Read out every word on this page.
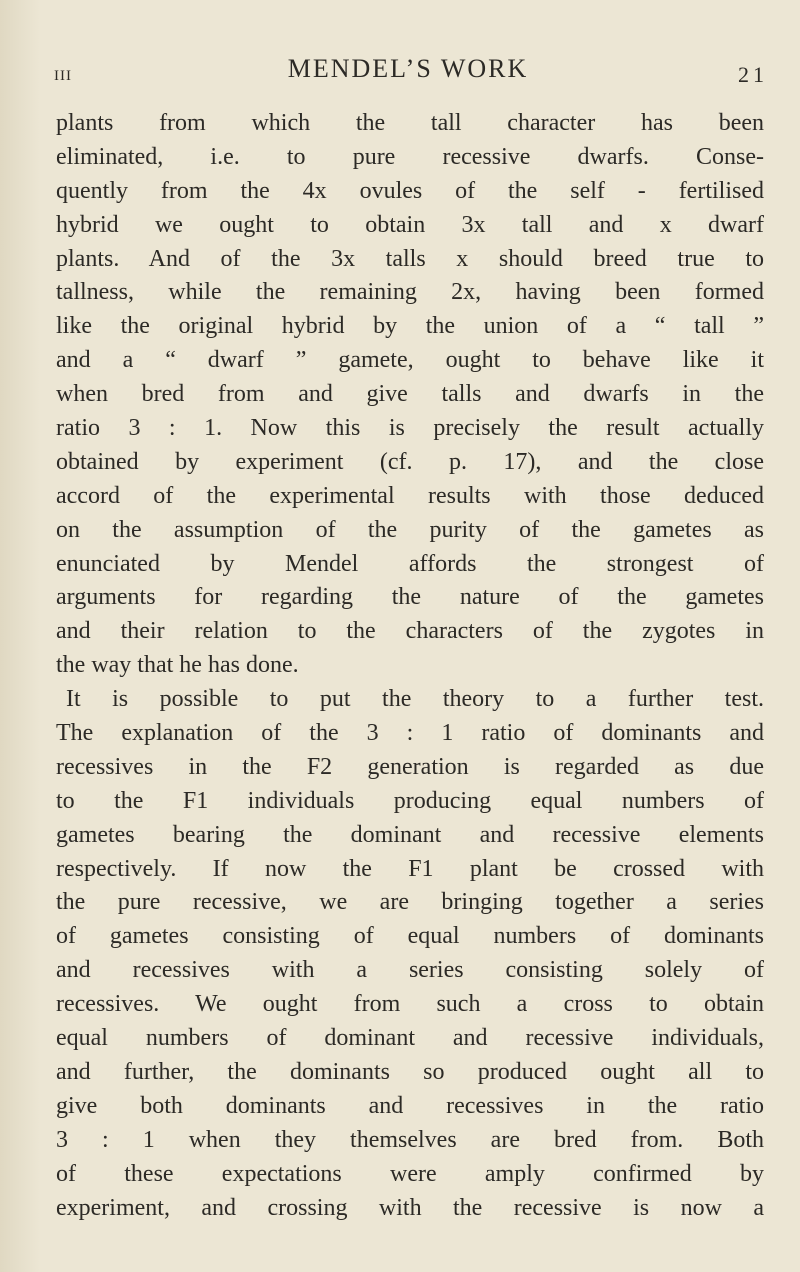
III	MENDEL’S WORK	21
plants from which the tall character has been
eliminated, i.e. to pure recessive dwarfs. Conse-
quently from the 4x ovules of the self - fertilised
hybrid we ought to obtain 3x tall and x dwarf
plants. And of the 3x talls x should breed true to
tallness, while the remaining 2x, having been formed
like the original hybrid by the union of a “ tall ”
and a “ dwarf ” gamete, ought to behave like it
when bred from and give talls and dwarfs in the
ratio 3 : 1. Now this is precisely the result actually
obtained by experiment (cf. p. 17), and the close
accord of the experimental results with those deduced
on the assumption of the purity of the gametes as
enunciated by Mendel affords the strongest of
arguments for regarding the nature of the gametes
and their relation to the characters of the zygotes in
the way that he has done.
It is possible to put the theory to a further test.
The explanation of the 3 : 1 ratio of dominants and
recessives in the F2 generation is regarded as due
to the F1 individuals producing equal numbers of
gametes bearing the dominant and recessive elements
respectively. If now the F1 plant be crossed with
the pure recessive, we are bringing together a series
of gametes consisting of equal numbers of dominants
and recessives with a series consisting solely of
recessives. We ought from such a cross to obtain
equal numbers of dominant and recessive individuals,
and further, the dominants so produced ought all to
give both dominants and recessives in the ratio
3 : 1 when they themselves are bred from. Both
of these expectations were amply confirmed by
experiment, and crossing with the recessive is now a
